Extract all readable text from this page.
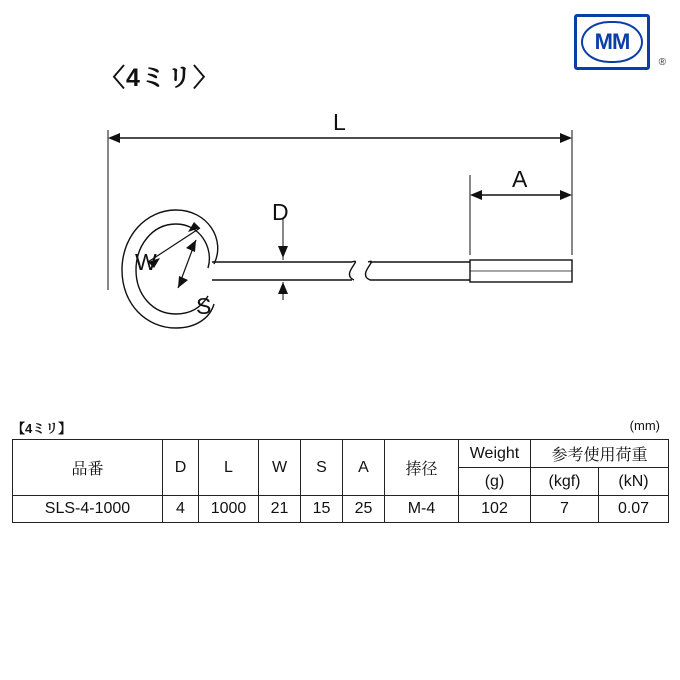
MM
®
〈4ミリ〉
L
A
D
W
S
【4ミリ】	(mm)
品番	D	L	W	S	A	捧径	Weight	参考使用荷重	
							(g)	(kgf)	(kN)
SLS-4-1000	4	1000	21	15	25	M-4	102	7	0.07
